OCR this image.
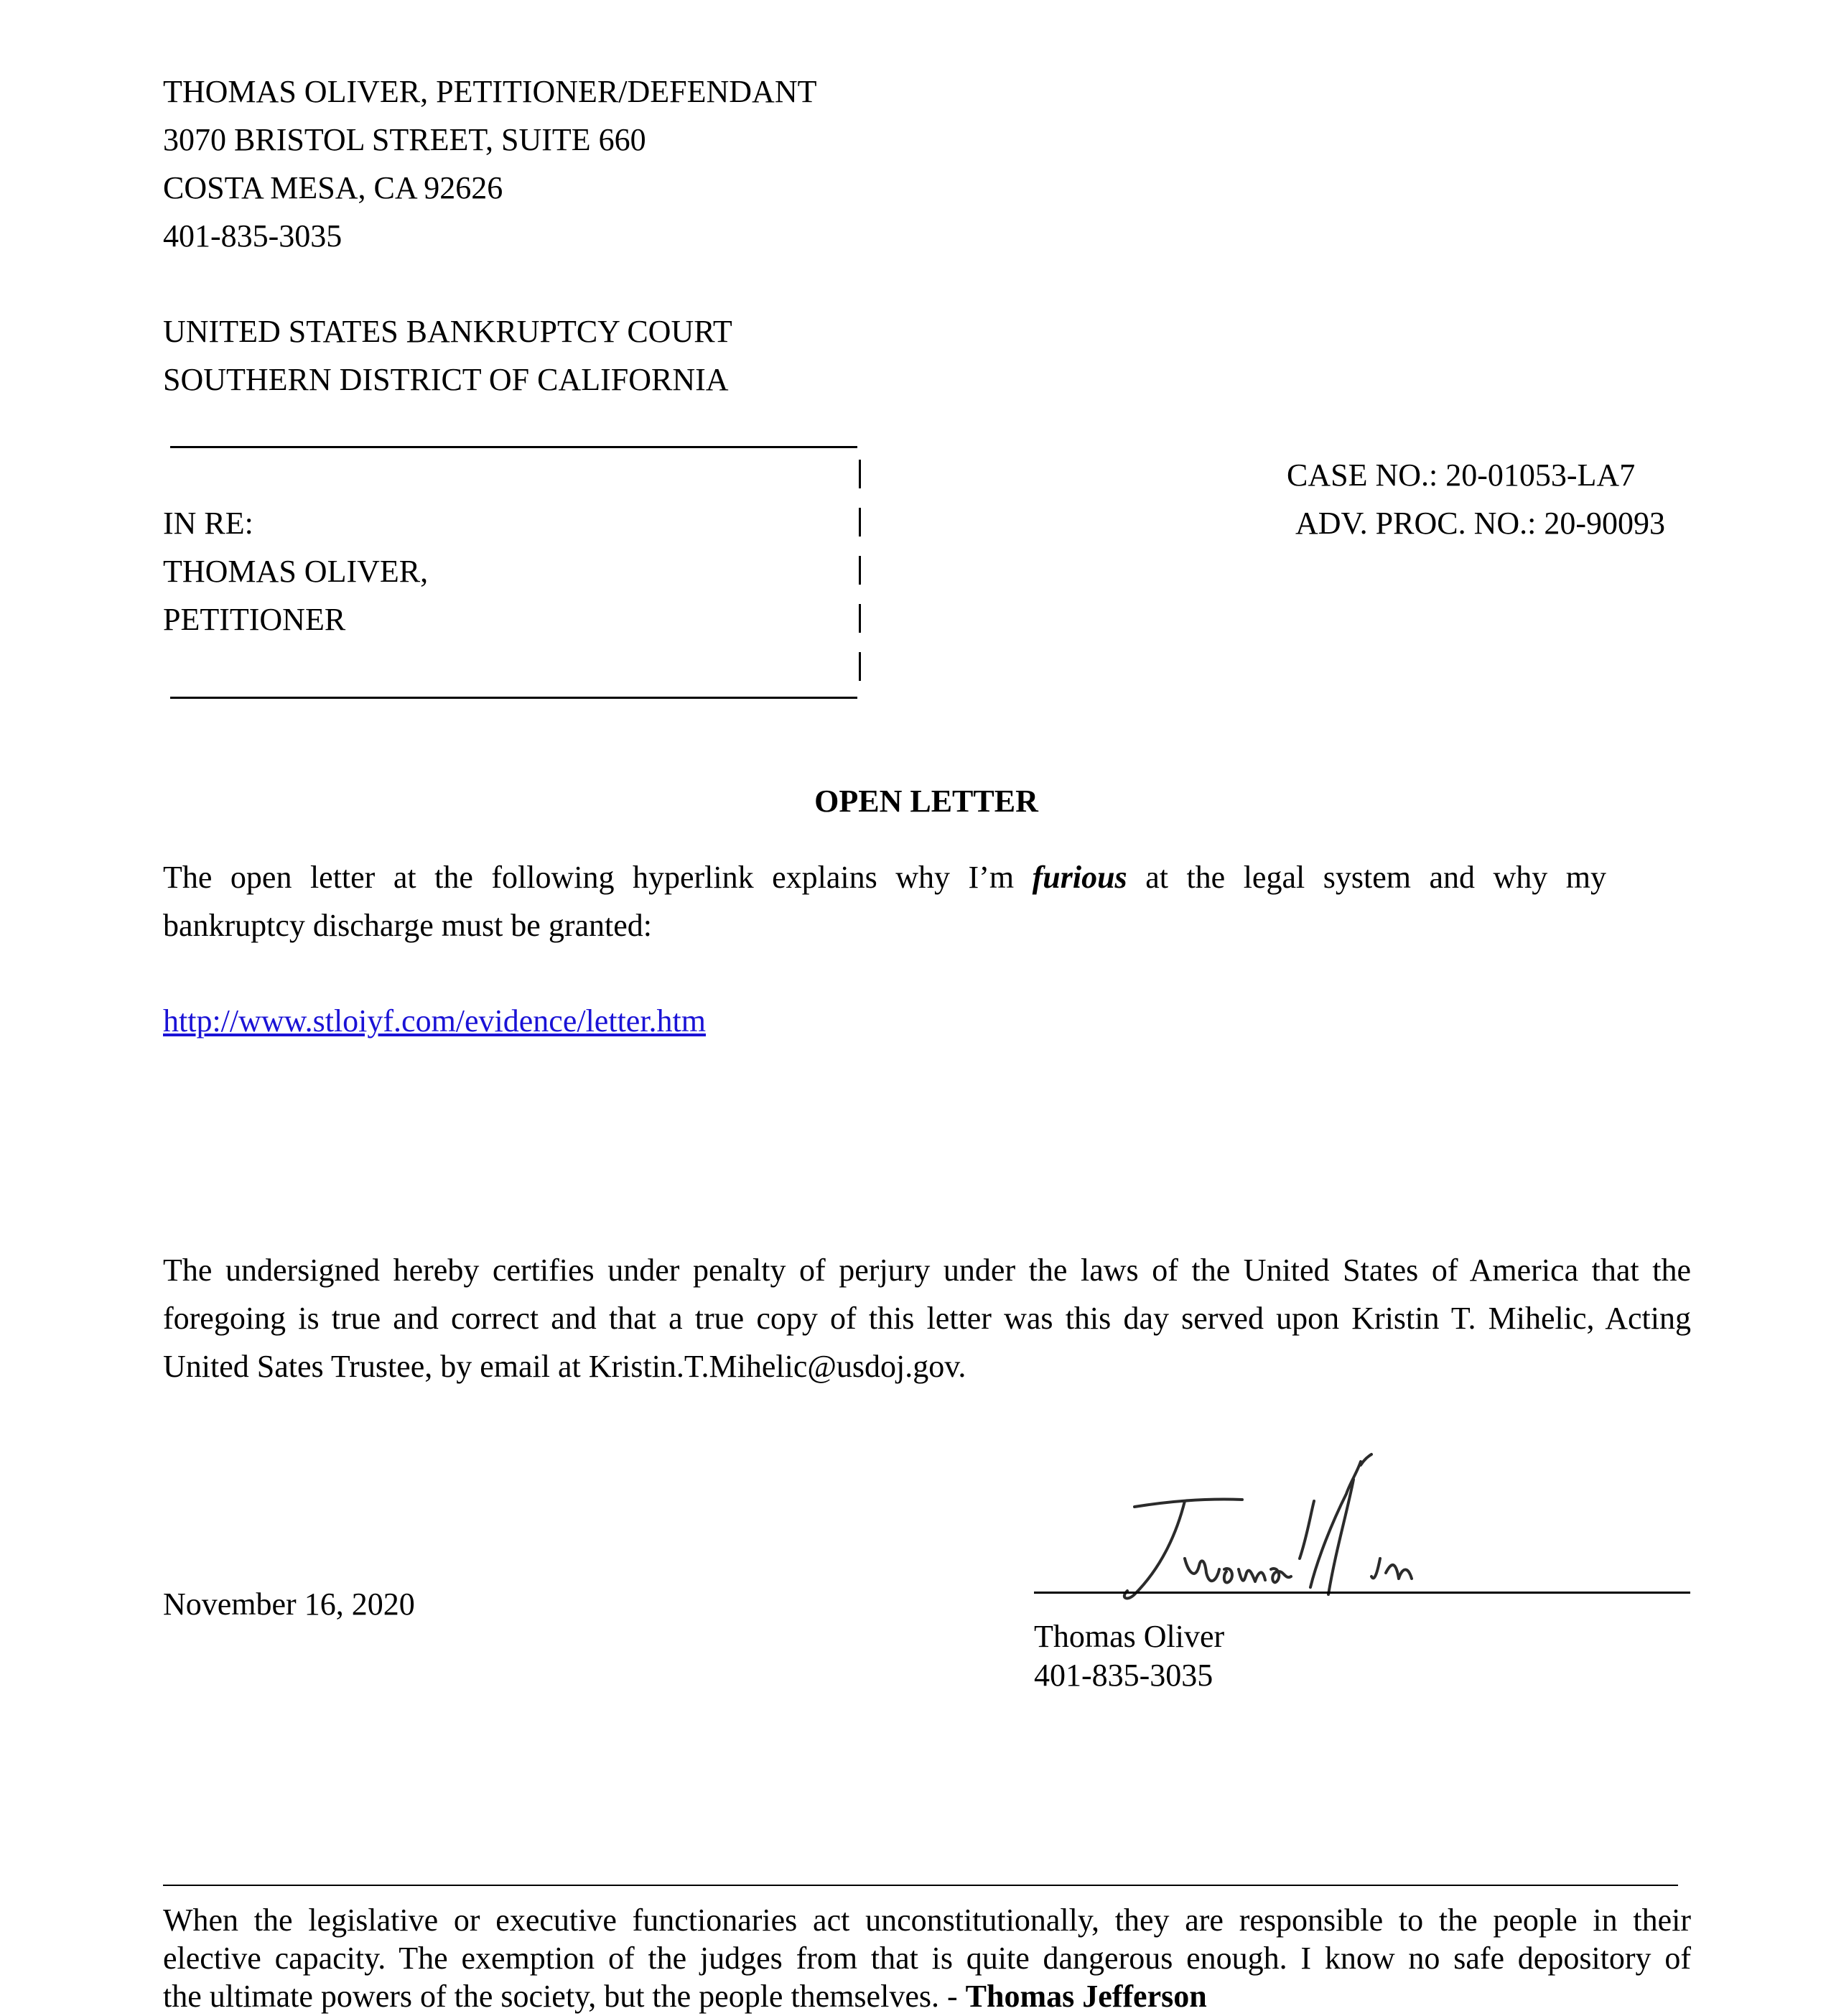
THOMAS OLIVER, PETITIONER/DEFENDANT
3070 BRISTOL STREET, SUITE 660
COSTA MESA, CA 92626
401-835-3035
UNITED STATES BANKRUPTCY COURT
SOUTHERN DISTRICT OF CALIFORNIA
IN RE:
THOMAS OLIVER,
PETITIONER
CASE NO.: 20-01053-LA7
ADV. PROC. NO.: 20-90093
OPEN LETTER
The open letter at the following hyperlink explains why I’m furious at the legal system and why my
bankruptcy discharge must be granted:
http://www.stloiyf.com/evidence/letter.htm
The undersigned hereby certifies under penalty of perjury under the laws of the United States of America that the
foregoing is true and correct and that a true copy of this letter was this day served upon Kristin T. Mihelic, Acting
United Sates Trustee, by email at Kristin.T.Mihelic@usdoj.gov.
November 16, 2020
Thomas Oliver
401-835-3035
When the legislative or executive functionaries act unconstitutionally, they are responsible to the people in their
elective capacity. The exemption of the judges from that is quite dangerous enough. I know no safe depository of
the ultimate powers of the society, but the people themselves. - Thomas Jefferson
